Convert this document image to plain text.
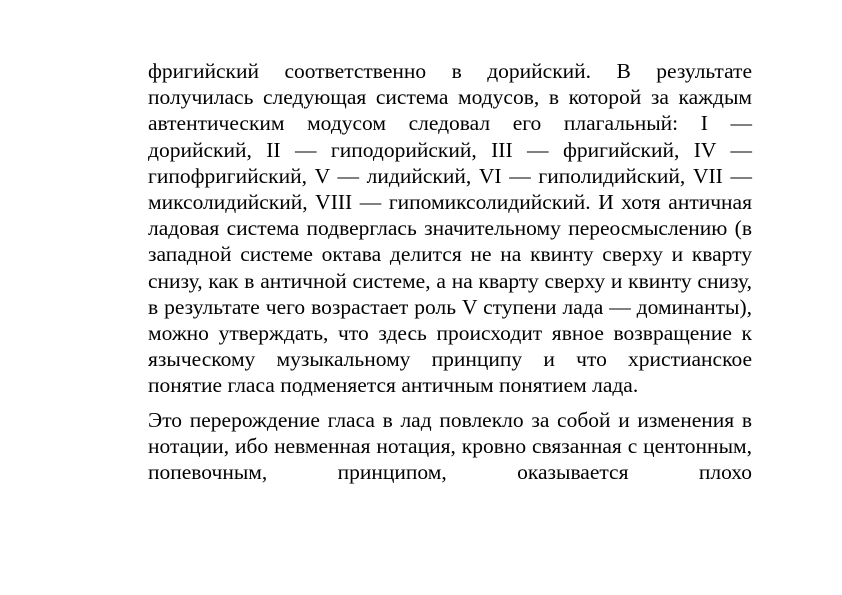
фригийский соответственно в дорийский. В результате получилась следующая система модусов, в которой за каждым автентическим модусом следовал его плагальный: I — дорийский, II — гиподорийский, III — фригийский, IV — гипофригийский, V — лидийский, VI — гиполидийский, VII — миксолидийский, VIII — гипомиксолидийский. И хотя античная ладовая система подверглась значительному переосмыслению (в западной системе октава делится не на квинту сверху и кварту снизу, как в античной системе, а на кварту сверху и квинту снизу, в результате чего возрастает роль V ступени лада — доминанты), можно утверждать, что здесь происходит явное возвращение к языческому музыкальному принципу и что христианское понятие гласа подменяется античным понятием лада.

Это перерождение гласа в лад повлекло за собой и изменения в нотации, ибо невменная нотация, кровно связанная с центонным, попевочным, принципом, оказывается плохо
